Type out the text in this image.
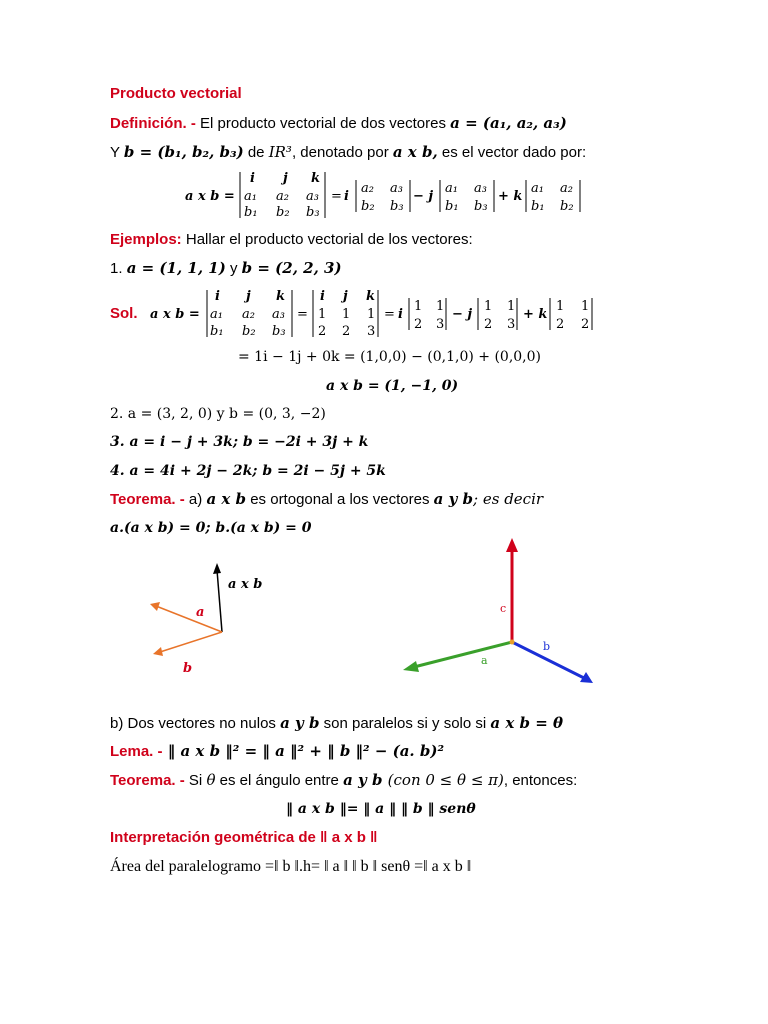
Producto vectorial
Definición. - El producto vectorial de dos vectores a = (a₁, a₂, a₃)
Y b = (b₁, b₂, b₃) de IR³, denotado por a x b, es el vector dado por:
a x b =
i j k
a₁ a₂ a₃
b₁ b₂ b₃
= i
a₂ a₃
b₂ b₃
− j
a₁ a₃
b₁ b₃
+ k
a₁ a₂
b₁ b₂
a x b =
i j k
a₁ a₂ a₃
b₁ b₂ b₃
=
i j k
1 1 1
2 2 3
= i
1 1
2 3
− j
1 1
2 3
+ k
1 1
2 2
a x b
a
b
c
a
b
Ejemplos: Hallar el producto vectorial de los vectores:
1. a = (1, 1, 1) y b = (2, 2, 3)
Sol.
= 1i − 1j + 0k = (1,0,0) − (0,1,0) + (0,0,0)
a x b = (1, −1, 0)
2. a = (3, 2, 0) y b = (0, 3, −2)
3. a = i − j + 3k; b = −2i + 3j + k
4. a = 4i + 2j − 2k; b = 2i − 5j + 5k
Teorema. - a) a x b es ortogonal a los vectores a y b; es decir
a.(a x b) = 0; b.(a x b) = 0
b) Dos vectores no nulos a y b son paralelos si y solo si a x b = θ
Lema. - ‖ a x b ‖² = ‖ a ‖² + ‖ b ‖² − (a. b)²
Teorema. - Si θ es el ángulo entre a y b (con 0 ≤ θ ≤ π), entonces:
‖ a x b ‖= ‖ a ‖ ‖ b ‖ senθ
Interpretación geométrica de ‖ a x b ‖
Área del paralelogramo =‖ b ‖.h= ‖ a ‖ ‖ b ‖ senθ =‖ a x b ‖
